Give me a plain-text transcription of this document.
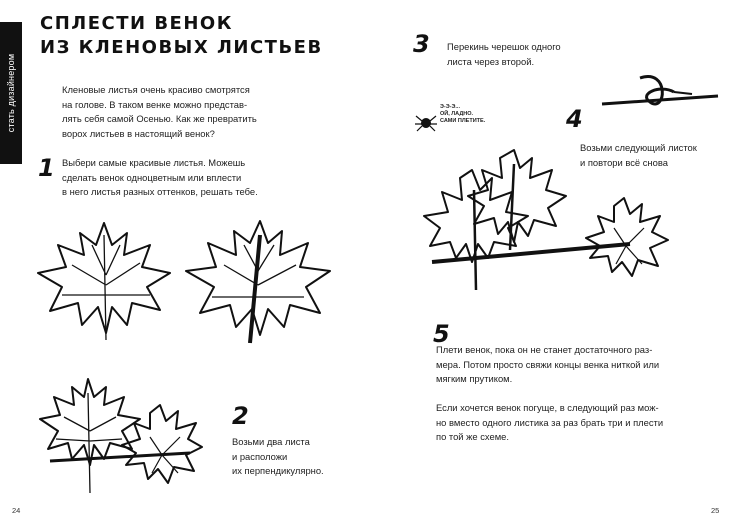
стать дизайнером
СПЛЕСТИ ВЕНОК
ИЗ КЛЕНОВЫХ ЛИСТЬЕВ
Кленовые листья очень красиво смотрятся
на голове. В таком венке можно представ-
лять себя самой Осенью. Как же превратить
ворох листьев в настоящий венок?
1 Выбери самые красивые листья. Можешь
сделать венок одноцветным или вплести
в него листья разных оттенков, решать тебе.
2
Возьми два листа
и расположи
их перпендикулярно.
3 Перекинь черешок одного
листа через второй.
Э-Э-Э...
ОЙ, ЛАДНО.
САМИ ПЛЕТИТЕ.	4
Возьми следующий листок
и повтори всё снова
5
Плети венок, пока он не станет достаточного раз-
мера. Потом просто свяжи концы венка ниткой или
мягким прутиком.
Если хочется венок погуще, в следующий раз мож-
но вместо одного листика за раз брать три и плести
по той же схеме.
24	25
